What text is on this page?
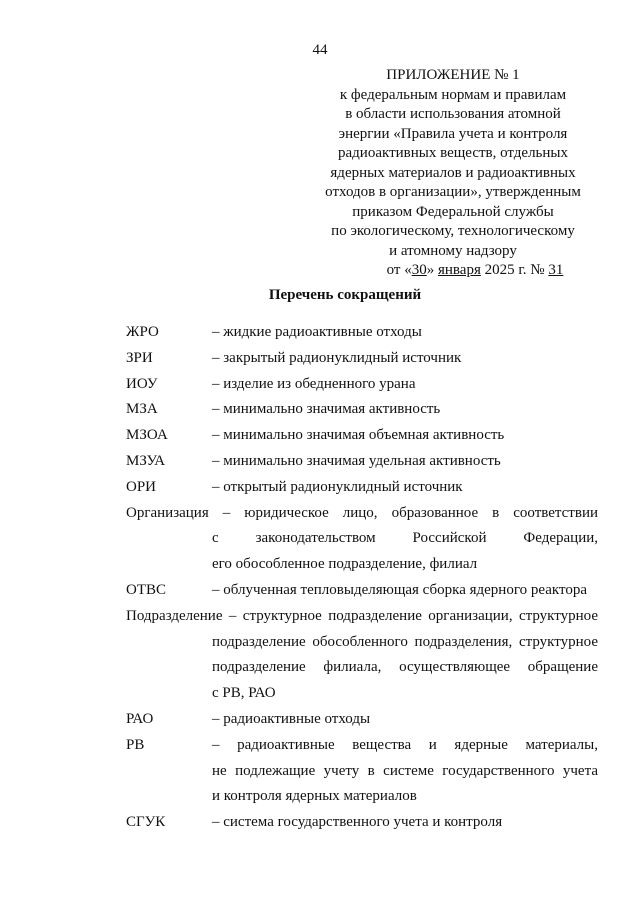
44
ПРИЛОЖЕНИЕ № 1
к федеральным нормам и правилам
в области использования атомной
энергии «Правила учета и контроля
радиоактивных веществ, отдельных
ядерных материалов и радиоактивных
отходов в организации», утвержденным
приказом Федеральной службы
по экологическому, технологическому
и атомному надзору
от «30» января 2025 г. № 31
Перечень сокращений
ЖРО	– жидкие радиоактивные отходы
ЗРИ	– закрытый радионуклидный источник
ИОУ	– изделие из обедненного урана
МЗА	– минимально значимая активность
МЗОА	– минимально значимая объемная активность
МЗУА	– минимально значимая удельная активность
ОРИ	– открытый радионуклидный источник
Организация – юридическое лицо, образованное в соответствии
с законодательством Российской Федерации,
его обособленное подразделение, филиал
ОТВС	– облученная тепловыделяющая сборка ядерного реактора
Подразделение – структурное подразделение организации, структурное
подразделение обособленного подразделения, структурное
подразделение филиала, осуществляющее обращение
с РВ, РАО
РАО	– радиоактивные отходы
РВ	– радиоактивные вещества и ядерные материалы,
не подлежащие учету в системе государственного учета
и контроля ядерных материалов
СГУК	– система государственного учета и контроля
